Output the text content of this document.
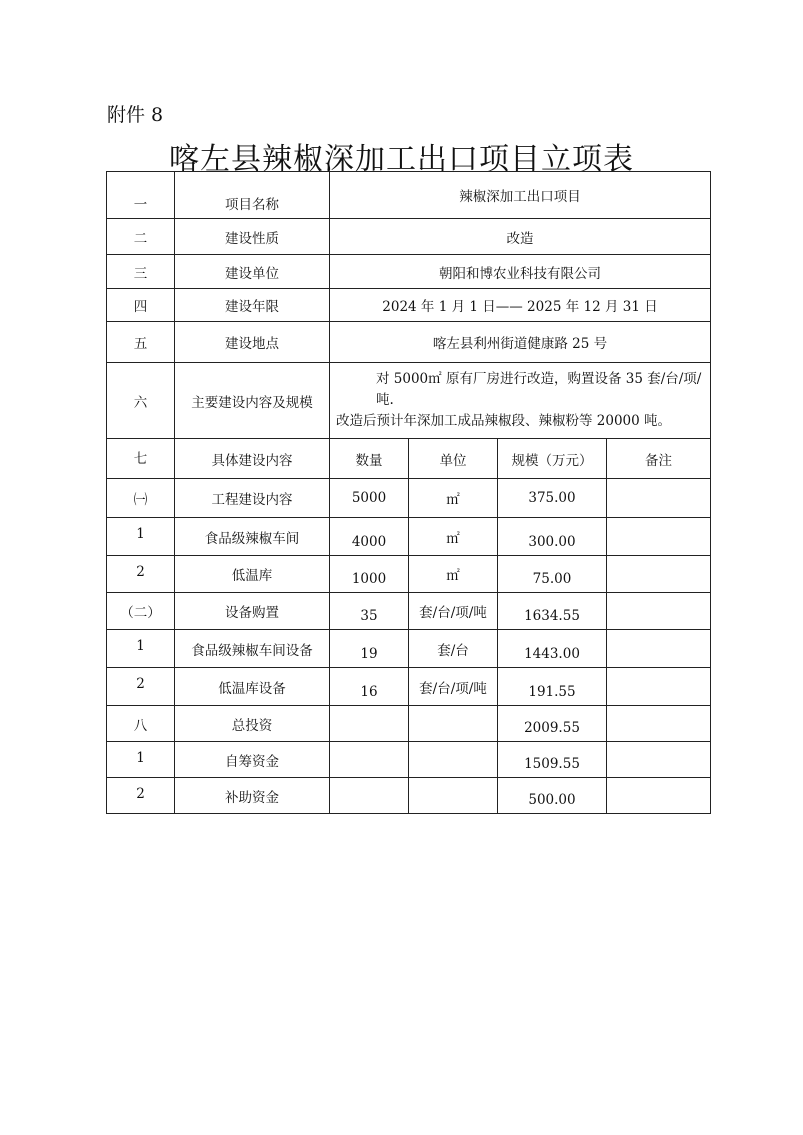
附件 8
喀左县辣椒深加工出口项目立项表
一	项目名称	辣椒深加工出口项目			
二	建设性质	改造			
三	建设单位	朝阳和博农业科技有限公司			
四	建设年限	2024 年 1 月 1 日—— 2025 年 12 月 31 日			
五	建设地点	喀左县利州街道健康路 25 号			
六	主要建设内容及规模	对 5000㎡ 原有厂房进行改造，购置设备 35 套/台/项/吨.
改造后预计年深加工成品辣椒段、辣椒粉等 20000 吨。			

七	具体建设内容	数量	单位	规模（万元）	备注
㈠	工程建设内容	5000	㎡	375.00	
1	食品级辣椒车间	4000	㎡	300.00	
2	低温库	1000	㎡	75.00	
（二）	设备购置	35	套/台/项/吨	1634.55	
1	食品级辣椒车间设备	19	套/台	1443.00	
2	低温库设备	16	套/台/项/吨	191.55	
八	总投资			2009.55	
1	自筹资金			1509.55	
2	补助资金			500.00	
